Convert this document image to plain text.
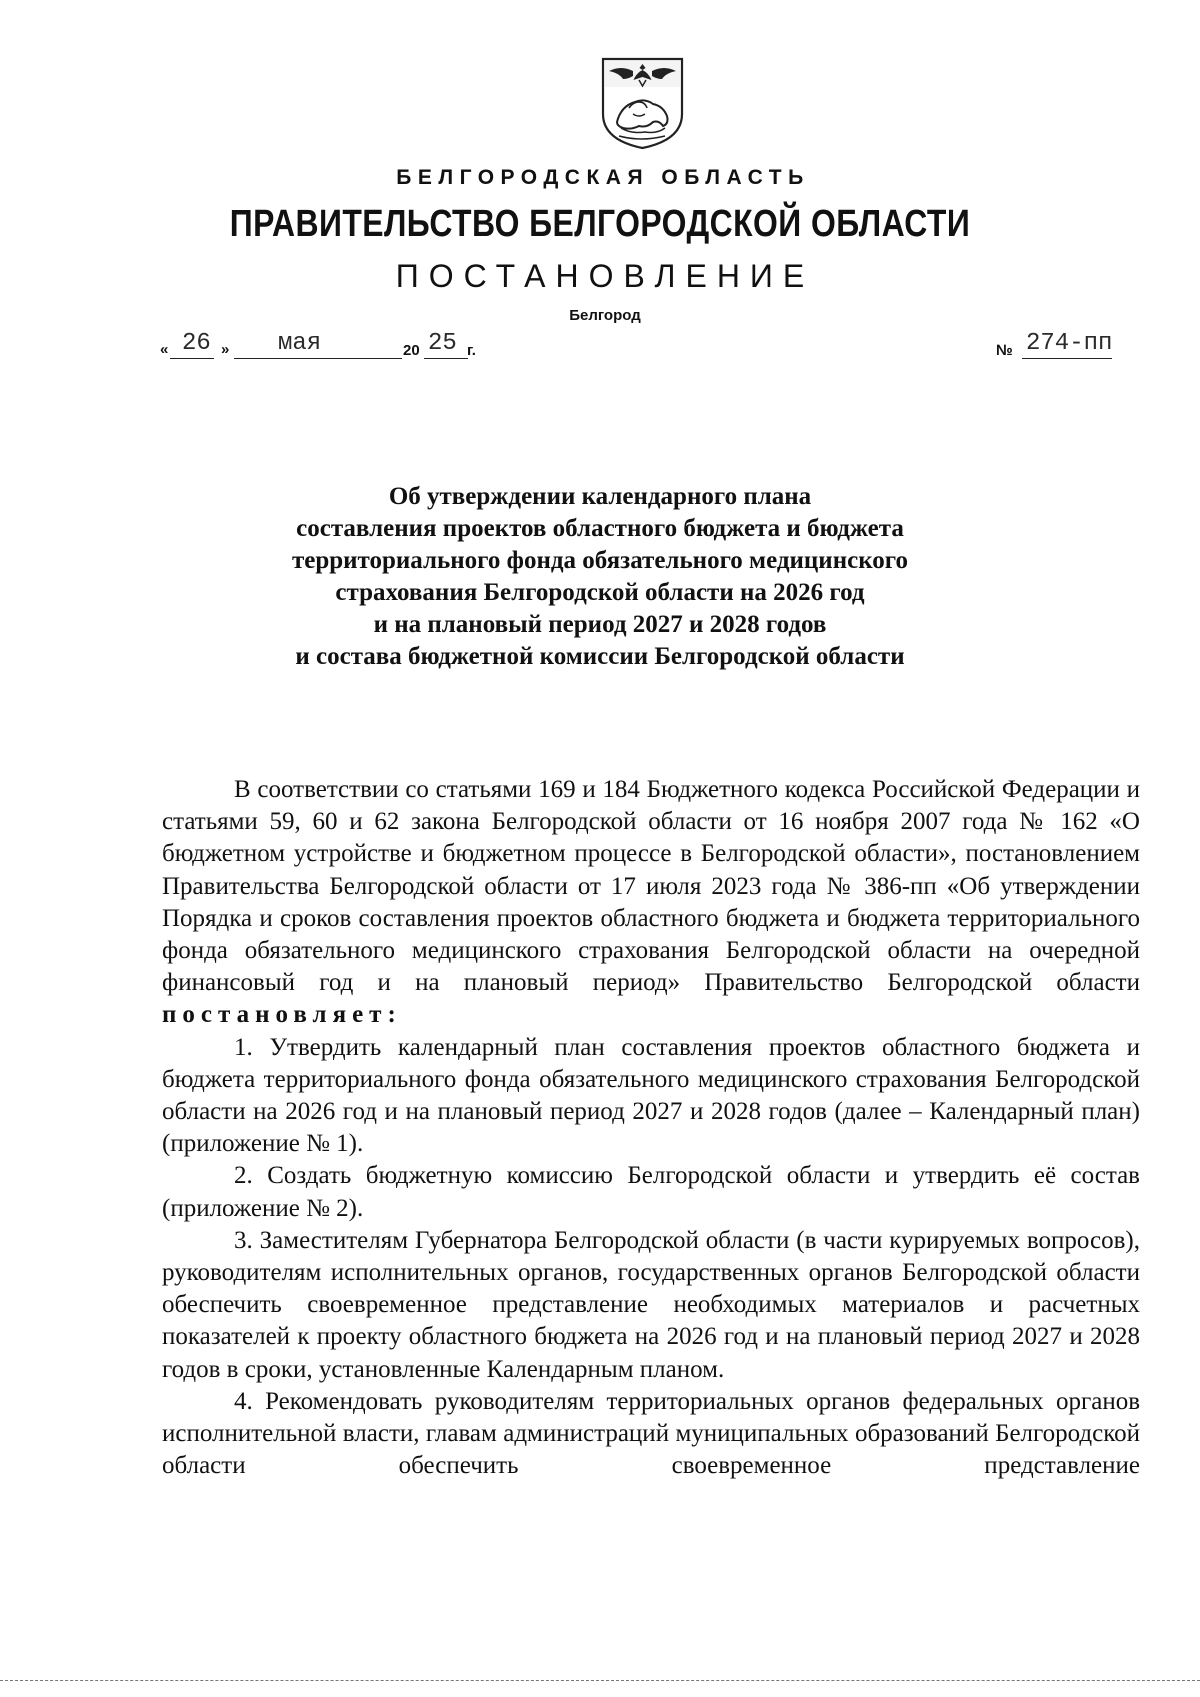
БЕЛГОРОДСКАЯ ОБЛАСТЬ
ПРАВИТЕЛЬСТВО БЕЛГОРОДСКОЙ ОБЛАСТИ
ПОСТАНОВЛЕНИЕ
Белгород
« 26 » мая	20 25 г.	№ 274-пп
Об утверждении календарного плана
составления проектов областного бюджета и бюджета
территориального фонда обязательного медицинского
страхования Белгородской области на 2026 год
и на плановый период 2027 и 2028 годов
и состава бюджетной комиссии Белгородской области

В соответствии со статьями 169 и 184 Бюджетного кодекса Российской Федерации и статьями 59, 60 и 62 закона Белгородской области от 16 ноября 2007 года № 162 «О бюджетном устройстве и бюджетном процессе в Белгородской области», постановлением Правительства Белгородской области от 17 июля 2023 года № 386-пп «Об утверждении Порядка и сроков составления проектов областного бюджета и бюджета территориального фонда обязательного медицинского страхования Белгородской области на очередной финансовый год и на плановый период» Правительство Белгородской области

постановляет:

1. Утвердить календарный план составления проектов областного бюджета и бюджета территориального фонда обязательного медицинского страхования Белгородской области на 2026 год и на плановый период 2027 и 2028 годов (далее – Календарный план) (приложение № 1).

2. Создать бюджетную комиссию Белгородской области и утвердить её состав (приложение № 2).

3. Заместителям Губернатора Белгородской области (в части курируемых вопросов), руководителям исполнительных органов, государственных органов Белгородской области обеспечить своевременное представление необходимых материалов и расчетных показателей к проекту областного бюджета на 2026 год и на плановый период 2027 и 2028 годов в сроки, установленные Календарным планом.

4. Рекомендовать руководителям территориальных органов федеральных органов исполнительной власти, главам администраций муниципальных образований Белгородской области обеспечить своевременное представление
